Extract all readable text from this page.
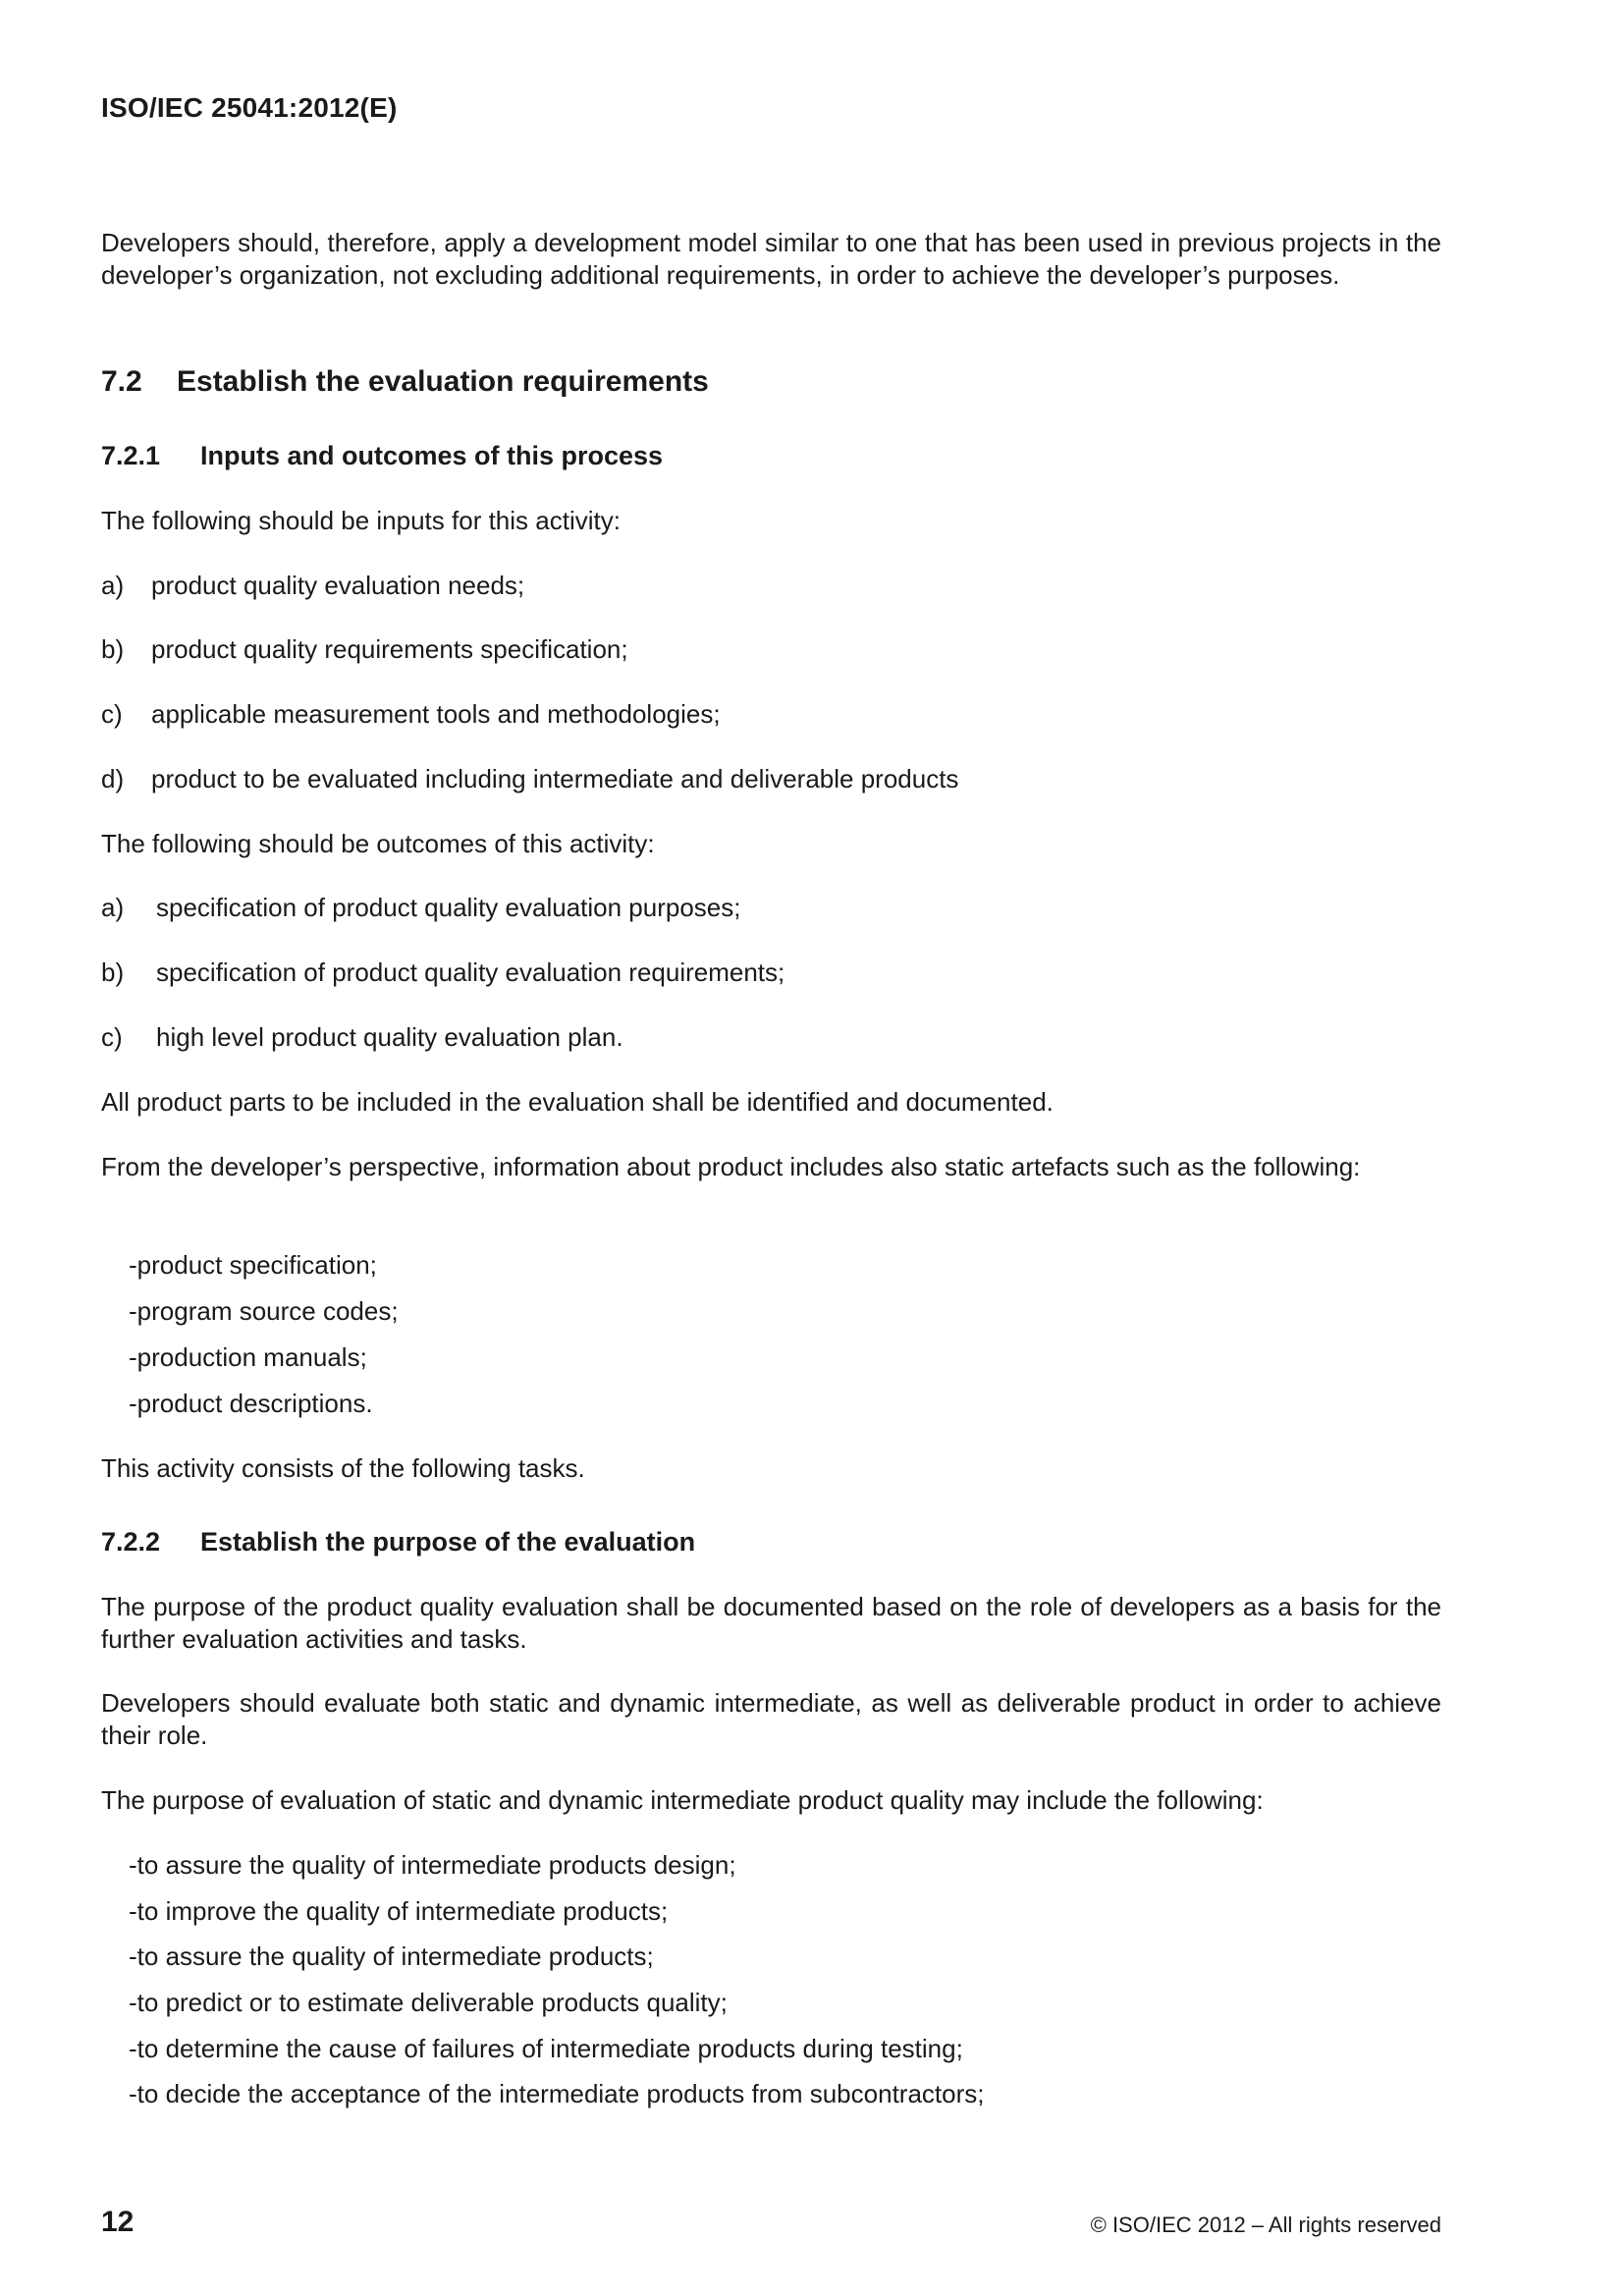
ISO/IEC 25041:2012(E)

Developers should, therefore, apply a development model similar to one that has been used in previous projects in the developer’s organization, not excluding additional requirements, in order to achieve the developer’s purposes.

7.2 Establish the evaluation requirements
7.2.1 Inputs and outcomes of this process

The following should be inputs for this activity:

a) product quality evaluation needs;
b) product quality requirements specification;
c) applicable measurement tools and methodologies;
d) product to be evaluated including intermediate and deliverable products

The following should be outcomes of this activity:

a) specification of product quality evaluation purposes;
b) specification of product quality evaluation requirements;
c) high level product quality evaluation plan.

All product parts to be included in the evaluation shall be identified and documented.

From the developer’s perspective, information about product includes also static artefacts such as the following:

-product specification;
-program source codes;
-production manuals;
-product descriptions.

This activity consists of the following tasks.

7.2.2 Establish the purpose of the evaluation

The purpose of the product quality evaluation shall be documented based on the role of developers as a basis for the further evaluation activities and tasks.

Developers should evaluate both static and dynamic intermediate, as well as deliverable product in order to achieve their role.

The purpose of evaluation of static and dynamic intermediate product quality may include the following:

-to assure the quality of intermediate products design;
-to improve the quality of intermediate products;
-to assure the quality of intermediate products;
-to predict or to estimate deliverable products quality;
-to determine the cause of failures of intermediate products during testing;
-to decide the acceptance of the intermediate products from subcontractors;
12	© ISO/IEC 2012 – All rights reserved
